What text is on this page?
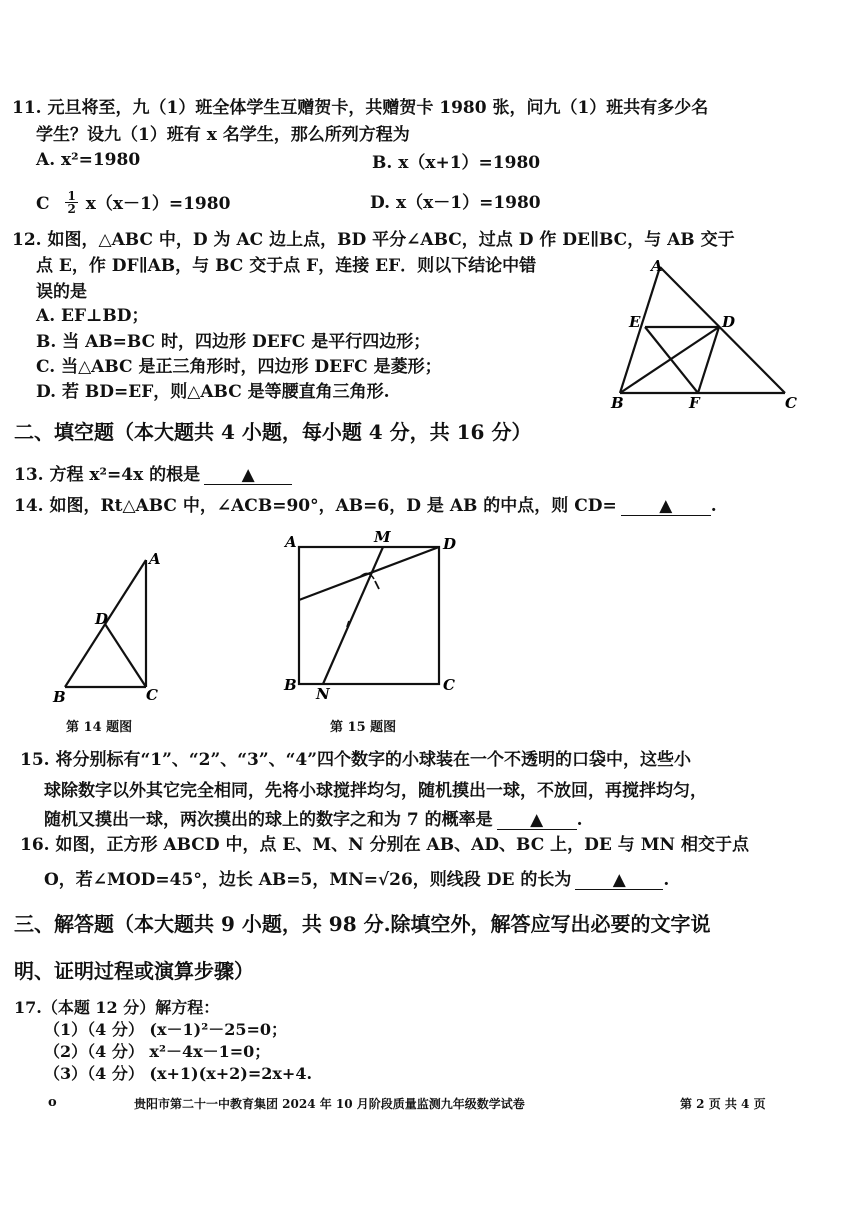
11. 元旦将至，九（1）班全体学生互赠贺卡，共赠贺卡 1980 张，问九（1）班共有多少名
学生？设九（1）班有 x 名学生，那么所列方程为
A. x²=1980	B. x（x+1）=1980
C $\frac{1}{2} x(x-1)=1980$	D. x（x－1）=1980
12. 如图，△ABC 中，D 为 AC 边上点，BD 平分∠ABC，过点 D 作 DE∥BC，与 AB 交于
点 E，作 DF∥AB，与 BC 交于点 F，连接 EF．则以下结论中错
误的是
A. EF⊥BD；
B. 当 AB=BC 时，四边形 DEFC 是平行四边形；
C. 当△ABC 是正三角形时，四边形 DEFC 是菱形；
D. 若 BD=EF，则△ABC 是等腰直角三角形.
A
E	D
B	F	C
二、填空题（本大题共 4 小题，每小题 4 分，共 16 分）
13. 方程 x²=4x 的根是 ▲
14. 如图，Rt△ABC 中，∠ACB=90°，AB=6，D 是 AB 的中点，则 CD= ▲ .
A
D
B	C
第 14 题图
A	M	D
B N	C
第 15 题图
15. 将分别标有“1”、“2”、“3”、“4”四个数字的小球装在一个不透明的口袋中，这些小
球除数字以外其它完全相同，先将小球搅拌均匀，随机摸出一球，不放回，再搅拌均匀，
随机又摸出一球，两次摸出的球上的数字之和为 7 的概率是 ▲ .
16. 如图，正方形 ABCD 中，点 E、M、N 分别在 AB、AD、BC 上，DE 与 MN 相交于点
O，若∠MOD=45°，边长 AB=5，MN=√26，则线段 DE 的长为 ▲ .
三、解答题（本大题共 9 小题，共 98 分.除填空外，解答应写出必要的文字说
明、证明过程或演算步骤）
17.（本题 12 分）解方程：
（1）（4 分） (x－1)²－25=0；
（2）（4 分） x²－4x－1=0；
（3）（4 分） (x+1)(x+2)=2x+4.
o	贵阳市第二十一中教育集团 2024 年 10 月阶段质量监测九年级数学试卷	第 2 页 共 4 页
